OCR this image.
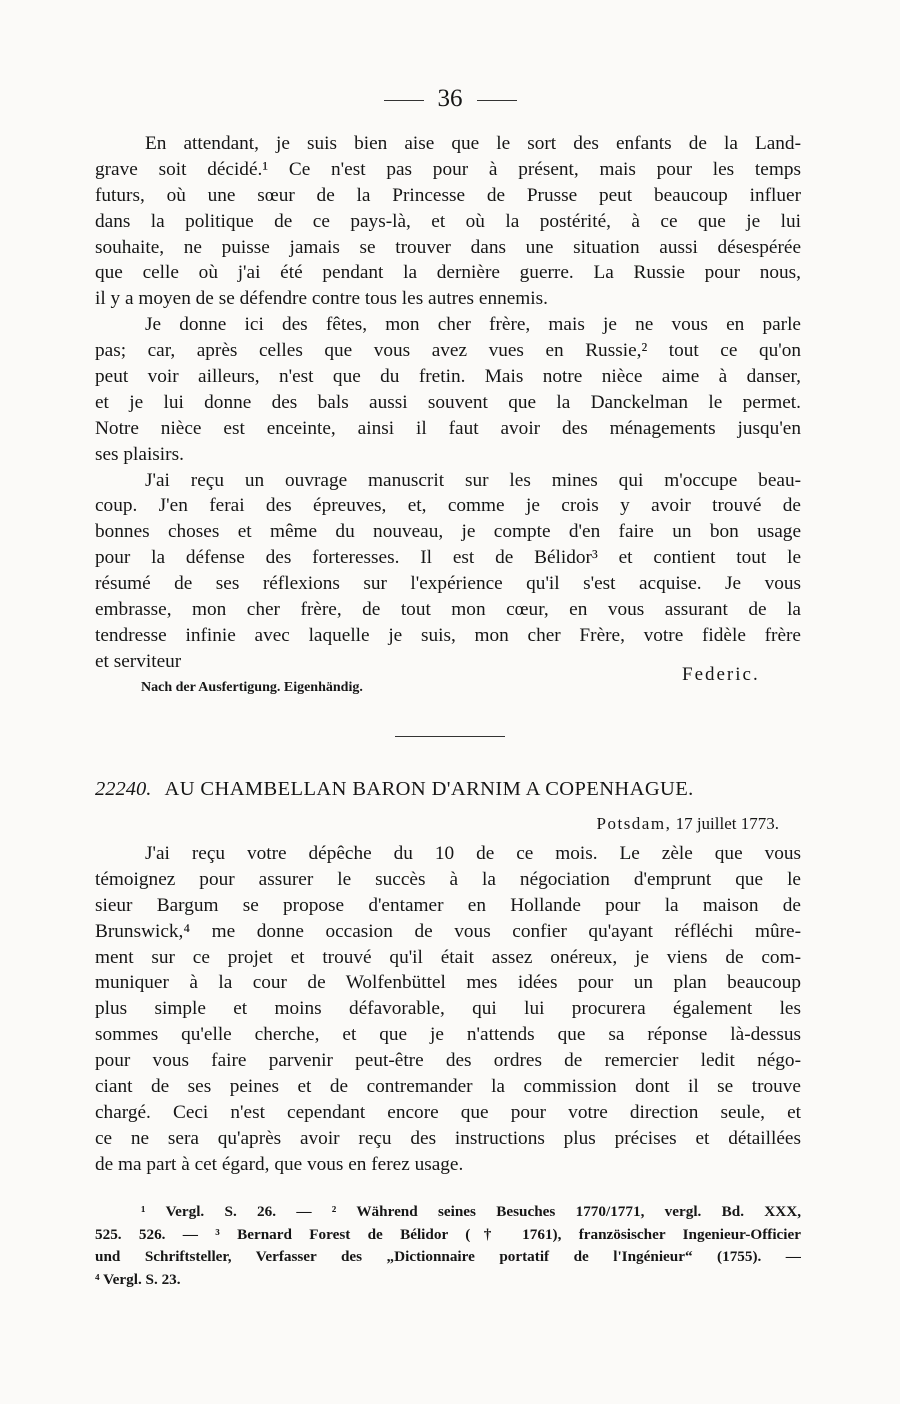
36
En attendant, je suis bien aise que le sort des enfants de la Land-
grave soit décidé.¹ Ce n'est pas pour à présent, mais pour les temps
futurs, où une sœur de la Princesse de Prusse peut beaucoup influer
dans la politique de ce pays-là, et où la postérité, à ce que je lui
souhaite, ne puisse jamais se trouver dans une situation aussi désespérée
que celle où j'ai été pendant la dernière guerre. La Russie pour nous,
il y a moyen de se défendre contre tous les autres ennemis.
Je donne ici des fêtes, mon cher frère, mais je ne vous en parle
pas; car, après celles que vous avez vues en Russie,² tout ce qu'on
peut voir ailleurs, n'est que du fretin. Mais notre nièce aime à danser,
et je lui donne des bals aussi souvent que la Danckelman le permet.
Notre nièce est enceinte, ainsi il faut avoir des ménagements jusqu'en
ses plaisirs.
J'ai reçu un ouvrage manuscrit sur les mines qui m'occupe beau-
coup. J'en ferai des épreuves, et, comme je crois y avoir trouvé de
bonnes choses et même du nouveau, je compte d'en faire un bon usage
pour la défense des forteresses. Il est de Bélidor³ et contient tout le
résumé de ses réflexions sur l'expérience qu'il s'est acquise. Je vous
embrasse, mon cher frère, de tout mon cœur, en vous assurant de la
tendresse infinie avec laquelle je suis, mon cher Frère, votre fidèle frère
et serviteur
Federic.
Nach der Ausfertigung. Eigenhändig.
22240. AU CHAMBELLAN BARON D'ARNIM A COPENHAGUE.
Potsdam, 17 juillet 1773.
J'ai reçu votre dépêche du 10 de ce mois. Le zèle que vous
témoignez pour assurer le succès à la négociation d'emprunt que le
sieur Bargum se propose d'entamer en Hollande pour la maison de
Brunswick,⁴ me donne occasion de vous confier qu'ayant réfléchi mûre-
ment sur ce projet et trouvé qu'il était assez onéreux, je viens de com-
muniquer à la cour de Wolfenbüttel mes idées pour un plan beaucoup
plus simple et moins défavorable, qui lui procurera également les
sommes qu'elle cherche, et que je n'attends que sa réponse là-dessus
pour vous faire parvenir peut-être des ordres de remercier ledit négo-
ciant de ses peines et de contremander la commission dont il se trouve
chargé. Ceci n'est cependant encore que pour votre direction seule, et
ce ne sera qu'après avoir reçu des instructions plus précises et détaillées
de ma part à cet égard, que vous en ferez usage.
¹ Vergl. S. 26. — ² Während seines Besuches 1770/1771, vergl. Bd. XXX,
525. 526. — ³ Bernard Forest de Bélidor († 1761), französischer Ingenieur-Officier
und Schriftsteller, Verfasser des „Dictionnaire portatif de l'Ingénieur“ (1755). —
⁴ Vergl. S. 23.
